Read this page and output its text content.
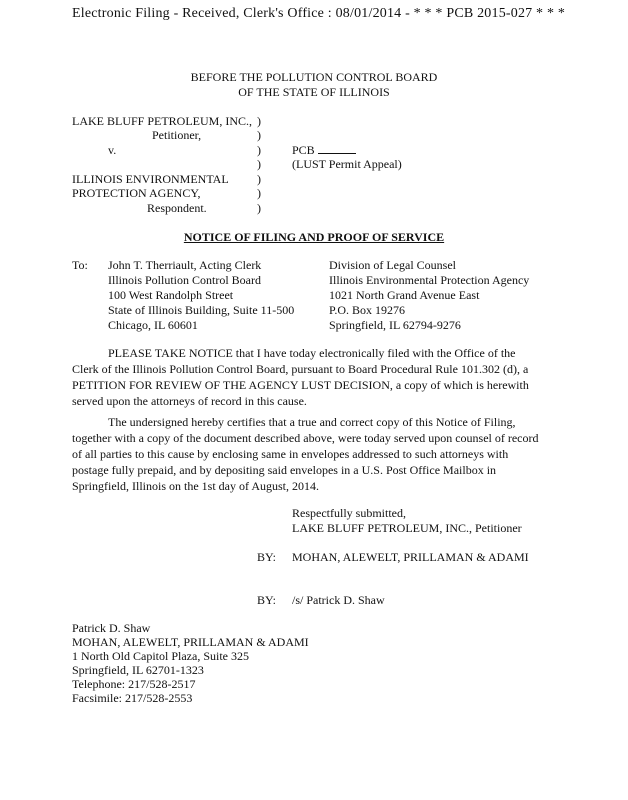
Electronic Filing - Received, Clerk's Office : 08/01/2014 - * * * PCB 2015-027 * * *
BEFORE THE POLLUTION CONTROL BOARD
OF THE STATE OF ILLINOIS
LAKE BLUFF PETROLEUM, INC.,
Petitioner,
v.
ILLINOIS ENVIRONMENTAL
PROTECTION AGENCY,
Respondent.
)
)
)
)
)
)
)
PCB
(LUST Permit Appeal)
NOTICE OF FILING AND PROOF OF SERVICE
To: John T. Therriault, Acting Clerk
Illinois Pollution Control Board
100 West Randolph Street
State of Illinois Building, Suite 11-500
Chicago, IL 60601
Division of Legal Counsel
Illinois Environmental Protection Agency
1021 North Grand Avenue East
P.O. Box 19276
Springfield, IL 62794-9276
PLEASE TAKE NOTICE that I have today electronically filed with the Office of the Clerk of the Illinois Pollution Control Board, pursuant to Board Procedural Rule 101.302 (d), a PETITION FOR REVIEW OF THE AGENCY LUST DECISION, a copy of which is herewith served upon the attorneys of record in this cause.
The undersigned hereby certifies that a true and correct copy of this Notice of Filing, together with a copy of the document described above, were today served upon counsel of record of all parties to this cause by enclosing same in envelopes addressed to such attorneys with postage fully prepaid, and by depositing said envelopes in a U.S. Post Office Mailbox in Springfield, Illinois on the 1st day of August, 2014.
Respectfully submitted,
LAKE BLUFF PETROLEUM, INC., Petitioner
BY: MOHAN, ALEWELT, PRILLAMAN & ADAMI
BY: /s/ Patrick D. Shaw
Patrick D. Shaw
MOHAN, ALEWELT, PRILLAMAN & ADAMI
1 North Old Capitol Plaza, Suite 325
Springfield, IL 62701-1323
Telephone: 217/528-2517
Facsimile: 217/528-2553
